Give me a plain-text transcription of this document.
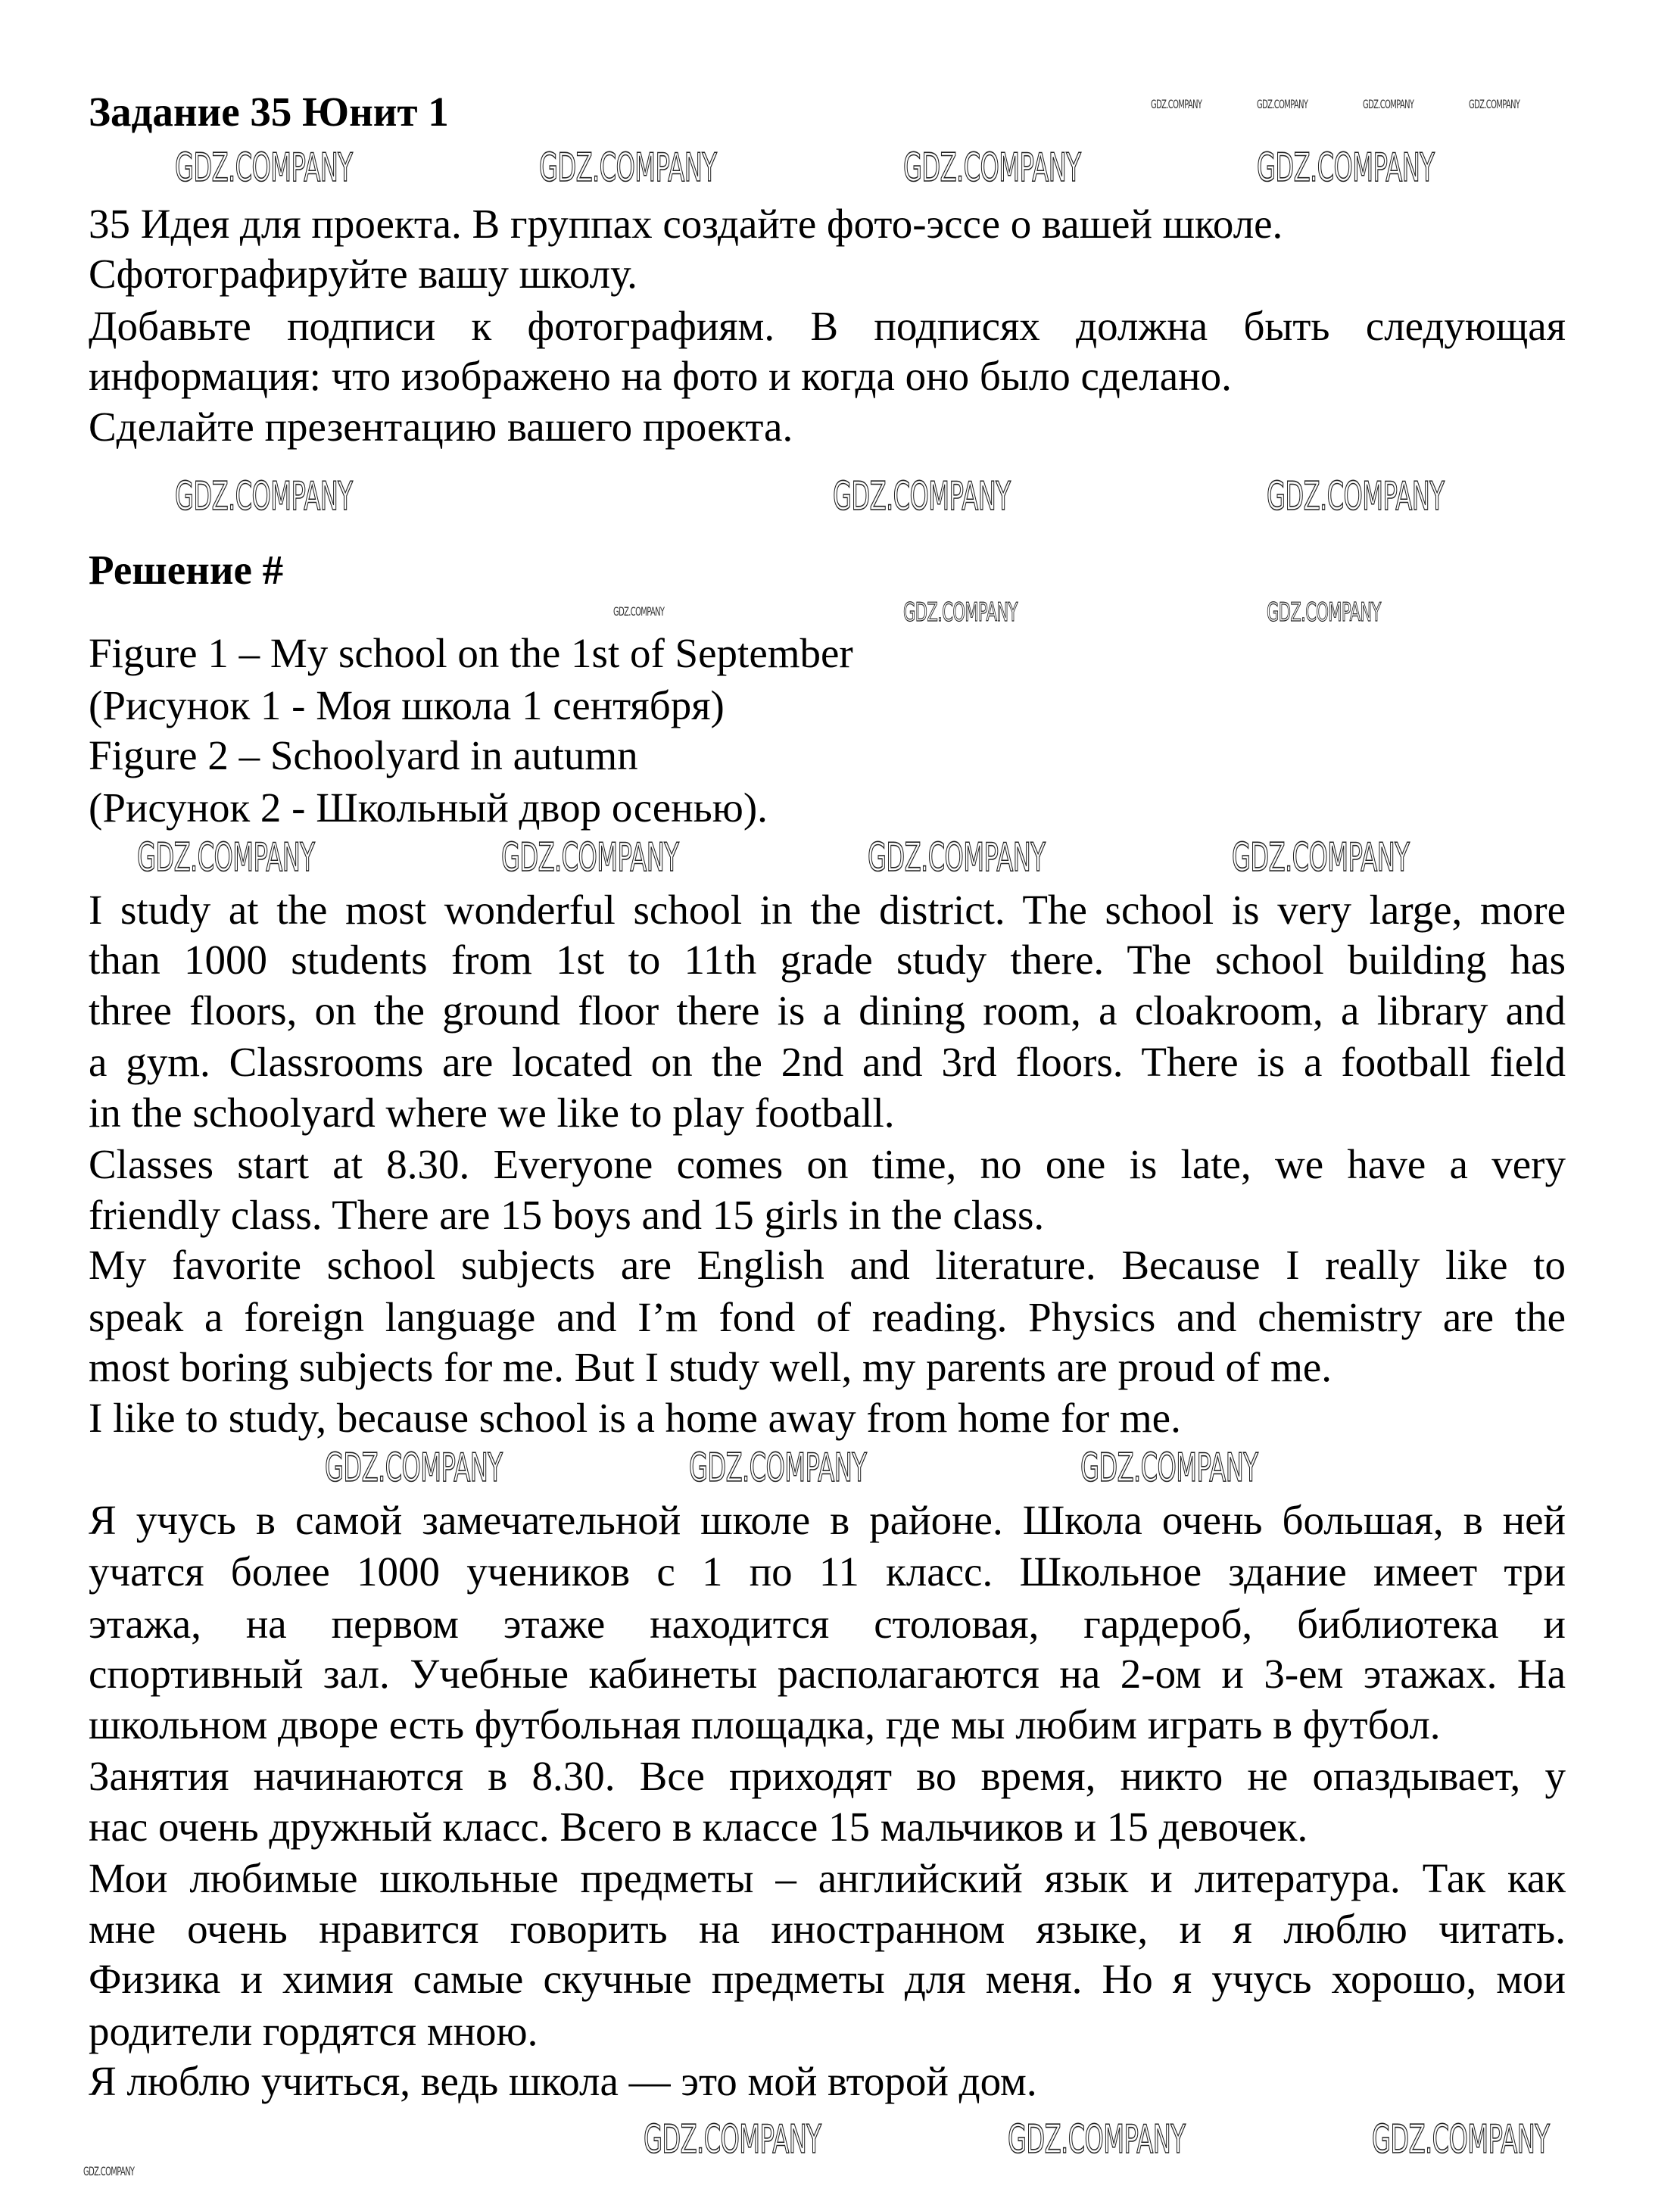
Задание 35 Юнит 1
35 Идея для проекта. В группах создайте фото-эссе о вашей школе.
Сфотографируйте вашу школу.
Добавьте подписи к фотографиям. В подписях должна быть следующая
информация: что изображено на фото и когда оно было сделано.
Сделайте презентацию вашего проекта.
Решение #
Figure 1 – My school on the 1st of September
(Рисунок 1 - Моя школа 1 сентября)
Figure 2 – Schoolyard in autumn
(Рисунок 2 - Школьный двор осенью).
I study at the most wonderful school in the district. The school is very large, more
than 1000 students from 1st to 11th grade study there. The school building has
three floors, on the ground floor there is a dining room, a cloakroom, a library and
a gym. Classrooms are located on the 2nd and 3rd floors. There is a football field
in the schoolyard where we like to play football.
Classes start at 8.30. Everyone comes on time, no one is late, we have a very
friendly class. There are 15 boys and 15 girls in the class.
My favorite school subjects are English and literature. Because I really like to
speak a foreign language and I’m fond of reading. Physics and chemistry are the
most boring subjects for me. But I study well, my parents are proud of me.
I like to study, because school is a home away from home for me.
Я учусь в самой замечательной школе в районе. Школа очень большая, в ней
учатся более 1000 учеников с 1 по 11 класс. Школьное здание имеет три
этажа, на первом этаже находится столовая, гардероб, библиотека и
спортивный зал. Учебные кабинеты располагаются на 2-ом и 3-ем этажах. На
школьном дворе есть футбольная площадка, где мы любим играть в футбол.
Занятия начинаются в 8.30. Все приходят во время, никто не опаздывает, у
нас очень дружный класс. Всего в классе 15 мальчиков и 15 девочек.
Мои любимые школьные предметы – английский язык и литература. Так как
мне очень нравится говорить на иностранном языке, и я люблю читать.
Физика и химия самые скучные предметы для меня. Но я учусь хорошо, мои
родители гордятся мною.
Я люблю учиться, ведь школа — это мой второй дом.
GDZ.COMPANY	GDZ.COMPANY	GDZ.COMPANY	GDZ.COMPANY
GDZ.COMPANY	GDZ.COMPANY	GDZ.COMPANY
GDZ.COMPANY	GDZ.COMPANY	GDZ.COMPANY	GDZ.COMPANY
GDZ.COMPANY	GDZ.COMPANY	GDZ.COMPANY
GDZ.COMPANY	GDZ.COMPANY	GDZ.COMPANY
GDZ.COMPANY	GDZ.COMPANY
GDZ.COMPANY	GDZ.COMPANY	GDZ.COMPANY	GDZ.COMPANY
GDZ.COMPANY
GDZ.COMPANY
